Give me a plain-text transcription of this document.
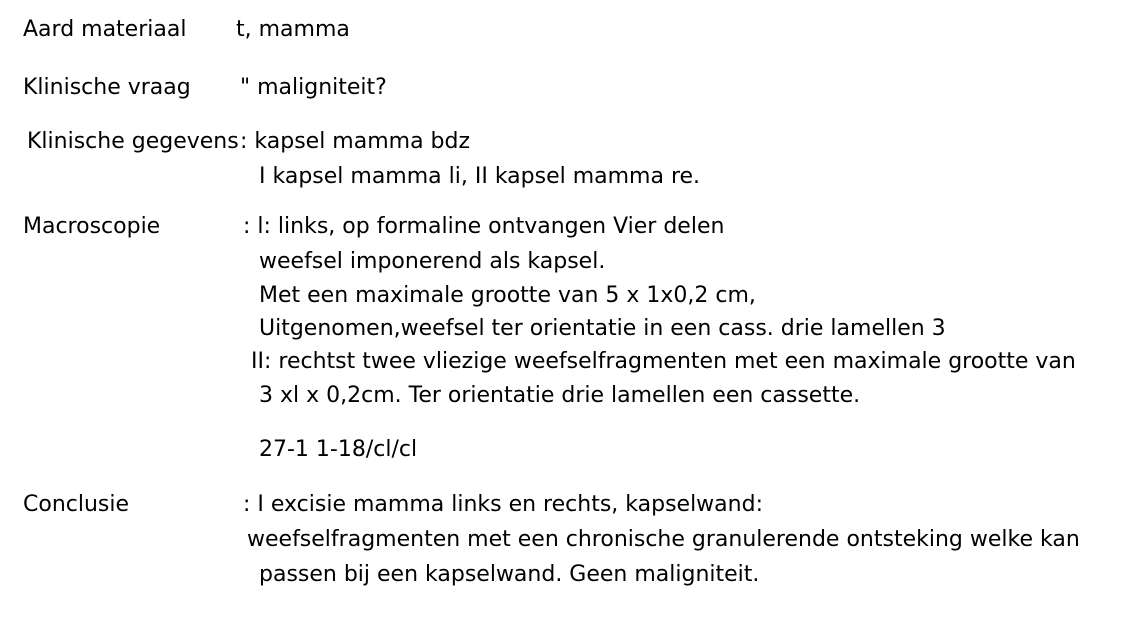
Aard materiaal t, mamma
Klinische vraag " maligniteit?
Klinische gegevens : kapsel mamma bdz
I kapsel mamma li, II kapsel mamma re.
Macroscopie	: l: links, op formaline ontvangen Vier delen
weefsel imponerend als kapsel.
Met een maximale grootte van 5 x 1x0,2 cm,
Uitgenomen,weefsel ter orientatie in een cass. drie lamellen 3
II: rechtst twee vliezige weefselfragmenten met een maximale grootte van
3 xl x 0,2cm. Ter orientatie drie lamellen een cassette.
27-1 1-18/cl/cl
Conclusie	: I excisie mamma links en rechts, kapselwand:
weefselfragmenten met een chronische granulerende ontsteking welke kan
passen bij een kapselwand. Geen maligniteit.
